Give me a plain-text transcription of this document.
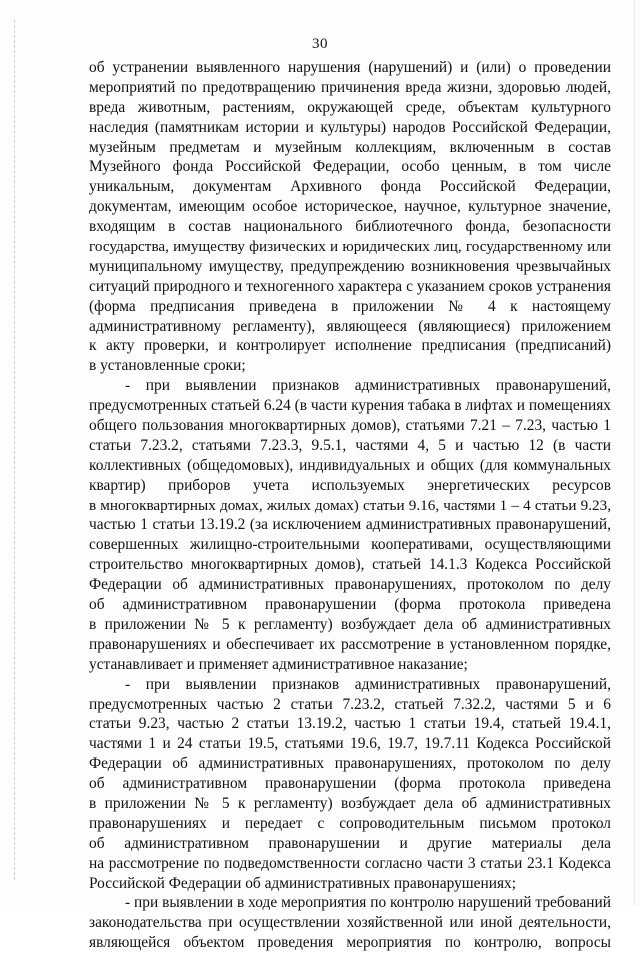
30
об устранении выявленного нарушения (нарушений) и (или) о проведении
мероприятий по предотвращению причинения вреда жизни, здоровью людей,
вреда животным, растениям, окружающей среде, объектам культурного
наследия (памятникам истории и культуры) народов Российской Федерации,
музейным предметам и музейным коллекциям, включенным в состав
Музейного фонда Российской Федерации, особо ценным, в том числе
уникальным, документам Архивного фонда Российской Федерации,
документам, имеющим особое историческое, научное, культурное значение,
входящим в состав национального библиотечного фонда, безопасности
государства, имуществу физических и юридических лиц, государственному или
муниципальному имуществу, предупреждению возникновения чрезвычайных
ситуаций природного и техногенного характера с указанием сроков устранения
(форма предписания приведена в приложении № 4 к настоящему
административному регламенту), являющееся (являющиеся) приложением
к акту проверки, и контролирует исполнение предписания (предписаний)
в установленные сроки;
- при выявлении признаков административных правонарушений,
предусмотренных статьей 6.24 (в части курения табака в лифтах и помещениях
общего пользования многоквартирных домов), статьями 7.21 – 7.23, частью 1
статьи 7.23.2, статьями 7.23.3, 9.5.1, частями 4, 5 и частью 12 (в части
коллективных (общедомовых), индивидуальных и общих (для коммунальных
квартир) приборов учета используемых энергетических ресурсов
в многоквартирных домах, жилых домах) статьи 9.16, частями 1 – 4 статьи 9.23,
частью 1 статьи 13.19.2 (за исключением административных правонарушений,
совершенных жилищно-строительными кооперативами, осуществляющими
строительство многоквартирных домов), статьей 14.1.3 Кодекса Российской
Федерации об административных правонарушениях, протоколом по делу
об административном правонарушении (форма протокола приведена
в приложении № 5 к регламенту) возбуждает дела об административных
правонарушениях и обеспечивает их рассмотрение в установленном порядке,
устанавливает и применяет административное наказание;
- при выявлении признаков административных правонарушений,
предусмотренных частью 2 статьи 7.23.2, статьей 7.32.2, частями 5 и 6
статьи 9.23, частью 2 статьи 13.19.2, частью 1 статьи 19.4, статьей 19.4.1,
частями 1 и 24 статьи 19.5, статьями 19.6, 19.7, 19.7.11 Кодекса Российской
Федерации об административных правонарушениях, протоколом по делу
об административном правонарушении (форма протокола приведена
в приложении № 5 к регламенту) возбуждает дела об административных
правонарушениях и передает с сопроводительным письмом протокол
об административном правонарушении и другие материалы дела
на рассмотрение по подведомственности согласно части 3 статьи 23.1 Кодекса
Российской Федерации об административных правонарушениях;
- при выявлении в ходе мероприятия по контролю нарушений требований
законодательства при осуществлении хозяйственной или иной деятельности,
являющейся объектом проведения мероприятия по контролю, вопросы
